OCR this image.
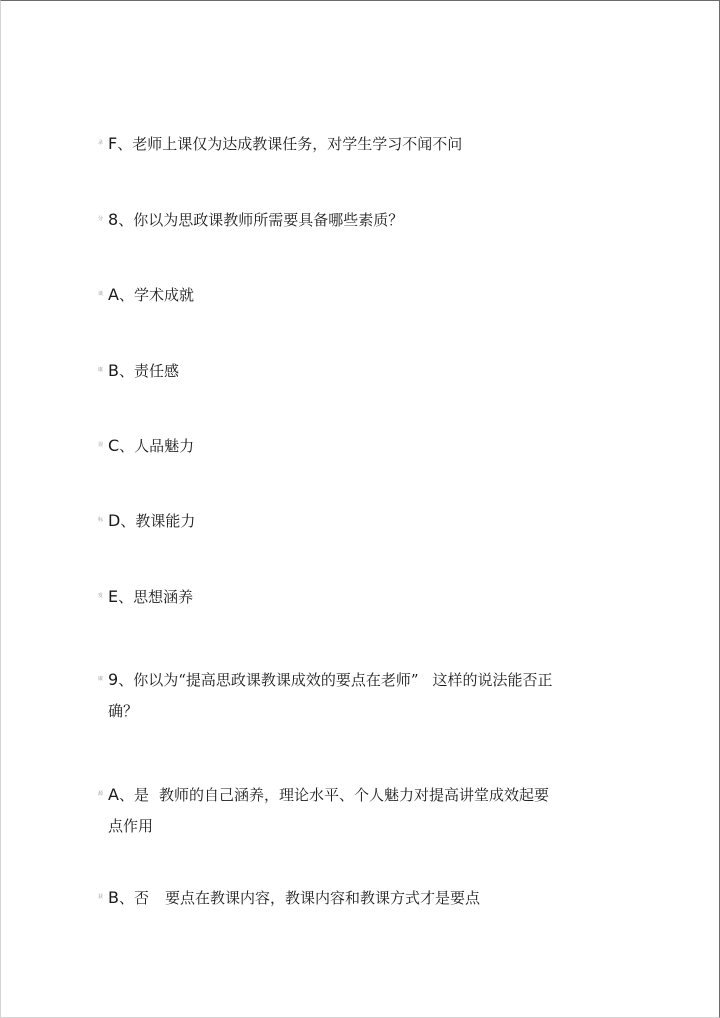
录 F、老师上课仅为达成教课任务，对学生学习不闻不问
分 8、你以为思政课教师所需要具备哪些素质？
谈 A、学术成就
康 B、责任感
误 C、人品魅力
标 D、教课能力
发 E、思想涵养
康 9、你以为“提高思政课教课成效的要点在老师” 这样的说法能否正
确？
源 A、是 教师的自己涵养，理论水平、个人魅力对提高讲堂成效起要
点作用
获 B、否 要点在教课内容，教课内容和教课方式才是要点
